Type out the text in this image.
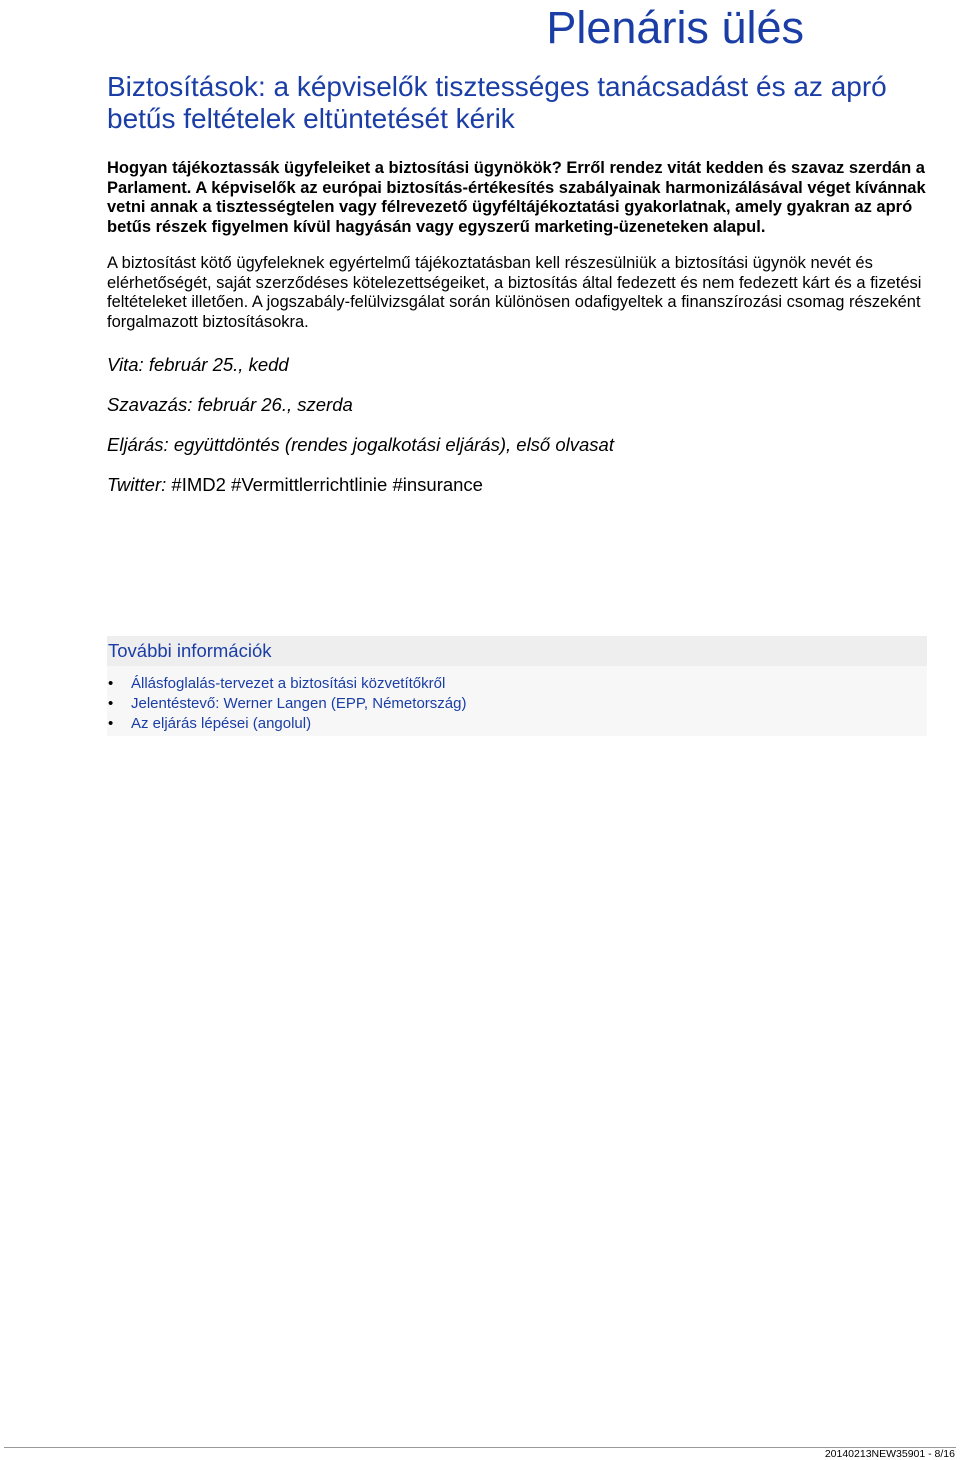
Plenáris ülés
Biztosítások: a képviselők tisztességes tanácsadást és az apró betűs feltételek eltüntetését kérik

Hogyan tájékoztassák ügyfeleiket a biztosítási ügynökök? Erről rendez vitát kedden és szavaz szerdán a Parlament. A képviselők az európai biztosítás-értékesítés szabályainak harmonizálásával véget kívánnak vetni annak a tisztességtelen vagy félrevezető ügyféltájékoztatási gyakorlatnak, amely gyakran az apró betűs részek figyelmen kívül hagyásán vagy egyszerű marketing-üzeneteken alapul.

A biztosítást kötő ügyfeleknek egyértelmű tájékoztatásban kell részesülniük a biztosítási ügynök nevét és elérhetőségét, saját szerződéses kötelezettségeiket, a biztosítás által fedezett és nem fedezett kárt és a fizetési feltételeket illetően. A jogszabály-felülvizsgálat során különösen odafigyeltek a finanszírozási csomag részeként forgalmazott biztosításokra.

Vita: február 25., kedd

Szavazás: február 26., szerda

Eljárás: együttdöntés (rendes jogalkotási eljárás), első olvasat

Twitter: #IMD2 #Vermittlerrichtlinie #insurance

További információk
• Állásfoglalás-tervezet a biztosítási közvetítőkről
• Jelentéstevő: Werner Langen (EPP, Németország)
• Az eljárás lépései (angolul)
20140213NEW35901 - 8/16
